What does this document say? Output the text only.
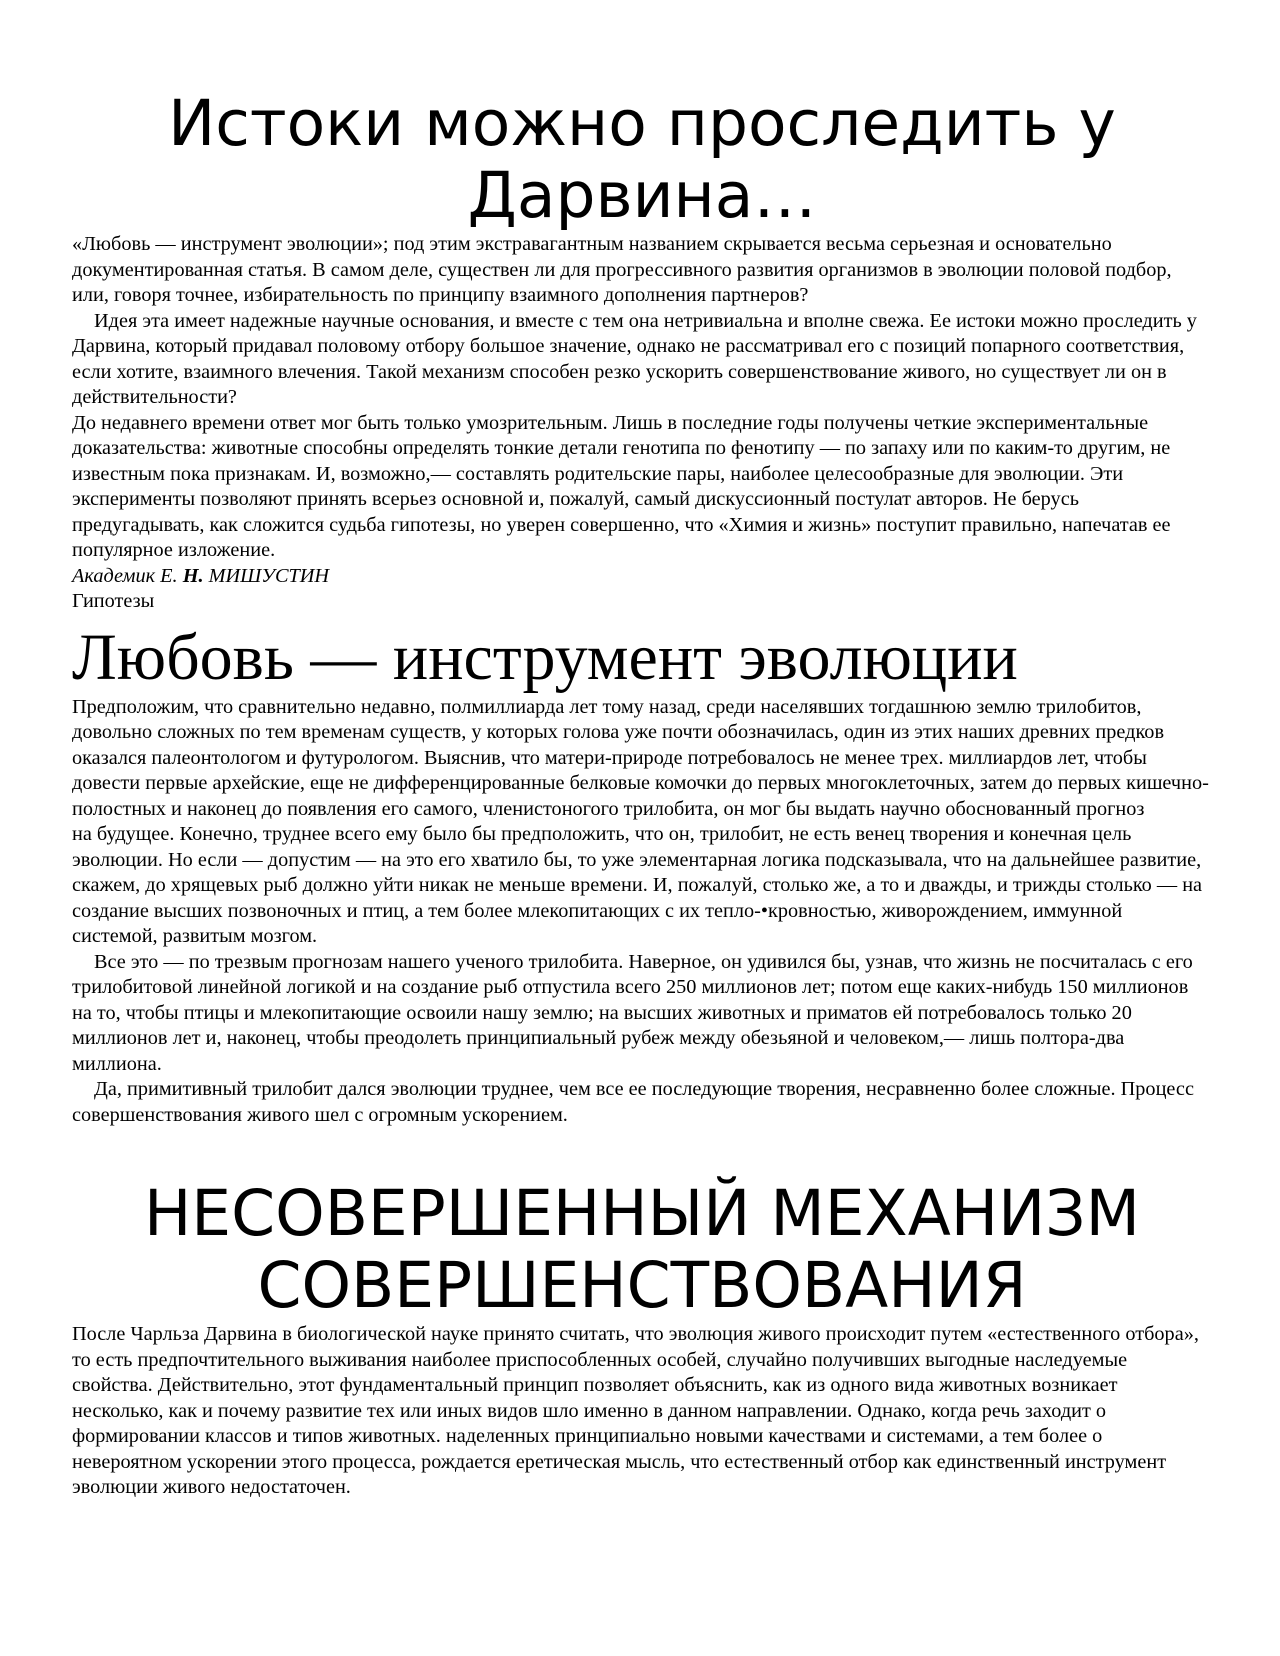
Истоки можно проследить у Дарвина…

«Любовь — инструмент эволюции»; под этим экстравагантным названием скрывается весьма серьезная и основательно документированная статья. В самом деле, существен ли для прогрессивного развития организмов в эволюции половой подбор, или, говоря точнее, избирательность по принципу взаимного дополнения партнеров?

Идея эта имеет надежные научные основания, и вместе с тем она нетривиальна и вполне свежа. Ее истоки можно проследить у Дарвина, который придавал половому отбору большое значение, однако не рассматривал его с позиций попарного соответствия, если хотите, взаимного влечения. Такой механизм способен резко ускорить совершенствование живого, но существует ли он в действительности?

До недавнего времени ответ мог быть только умозрительным. Лишь в последние годы получены четкие экспериментальные доказательства: животные способны определять тонкие детали генотипа по фенотипу — по запаху или по каким-то другим, не известным пока признакам. И, возможно,— составлять родительские пары, наиболее целесообразные для эволюции. Эти эксперименты позволяют принять всерьез основной и, пожалуй, самый дискуссионный постулат авторов. Не берусь предугадывать, как сложится судьба гипотезы, но уверен совершенно, что «Химия и жизнь» поступит правильно, напечатав ее популярное изложение.

Академик Е. Н. МИШУСТИН

Гипотезы

Любовь — инструмент эволюции

Предположим, что сравнительно недавно, полмиллиарда лет тому назад, среди населявших тогдашнюю землю трилобитов, довольно сложных по тем временам существ, у которых голова уже почти обозначилась, один из этих наших древних предков оказался палеонтологом и футурологом. Выяснив, что матери-природе потребовалось не менее трех. миллиардов лет, чтобы довести первые архейские, еще не дифференцированные белковые комочки до первых многоклеточных, затем до первых кишечно-полостных и наконец до появления его самого, членистоногого трилобита, он мог бы выдать научно обоснованный прогноз

на будущее. Конечно, труднее всего ему было бы предположить, что он, трилобит, не есть венец творения и конечная цель эволюции. Но если — допустим — на это его хватило бы, то уже элементарная логика подсказывала, что на дальнейшее развитие, скажем, до хрящевых рыб должно уйти никак не меньше времени. И, пожалуй, столько же, а то и дважды, и трижды столько — на создание высших позвоночных и птиц, а тем более млекопитающих с их тепло-•кровностью, живорождением, иммунной системой, развитым мозгом.

Все это — по трезвым прогнозам нашего ученого трилобита. Наверное, он удивился бы, узнав, что жизнь не посчиталась с его трилобитовой линейной логикой и на создание рыб отпустила всего 250 миллионов лет; потом еще каких-нибудь 150 миллионов на то, чтобы птицы и млекопитающие освоили нашу землю; на высших животных и приматов ей потребовалось только 20 миллионов лет и, наконец, чтобы преодолеть принципиальный рубеж между обезьяной и человеком,— лишь полтора-два миллиона.

Да, примитивный трилобит дался эволюции труднее, чем все ее последующие творения, несравненно более сложные. Процесс совершенствования живого шел с огромным ускорением.

НЕСОВЕРШЕННЫЙ МЕХАНИЗМ СОВЕРШЕНСТВОВАНИЯ

После Чарльза Дарвина в биологической науке принято считать, что эволюция живого происходит путем «естественного отбора», то есть предпочтительного выживания наиболее приспособленных особей, случайно получивших выгодные наследуемые свойства. Действительно, этот фундаментальный принцип позволяет объяснить, как из одного вида животных возникает несколько, как и почему развитие тех или иных видов шло именно в данном направлении. Однако, когда речь заходит о формировании классов и типов животных. наделенных принципиально новыми качествами и системами, а тем более о невероятном ускорении этого процесса, рождается еретическая мысль, что естественный отбор как единственный инструмент эволюции живого недостаточен.
